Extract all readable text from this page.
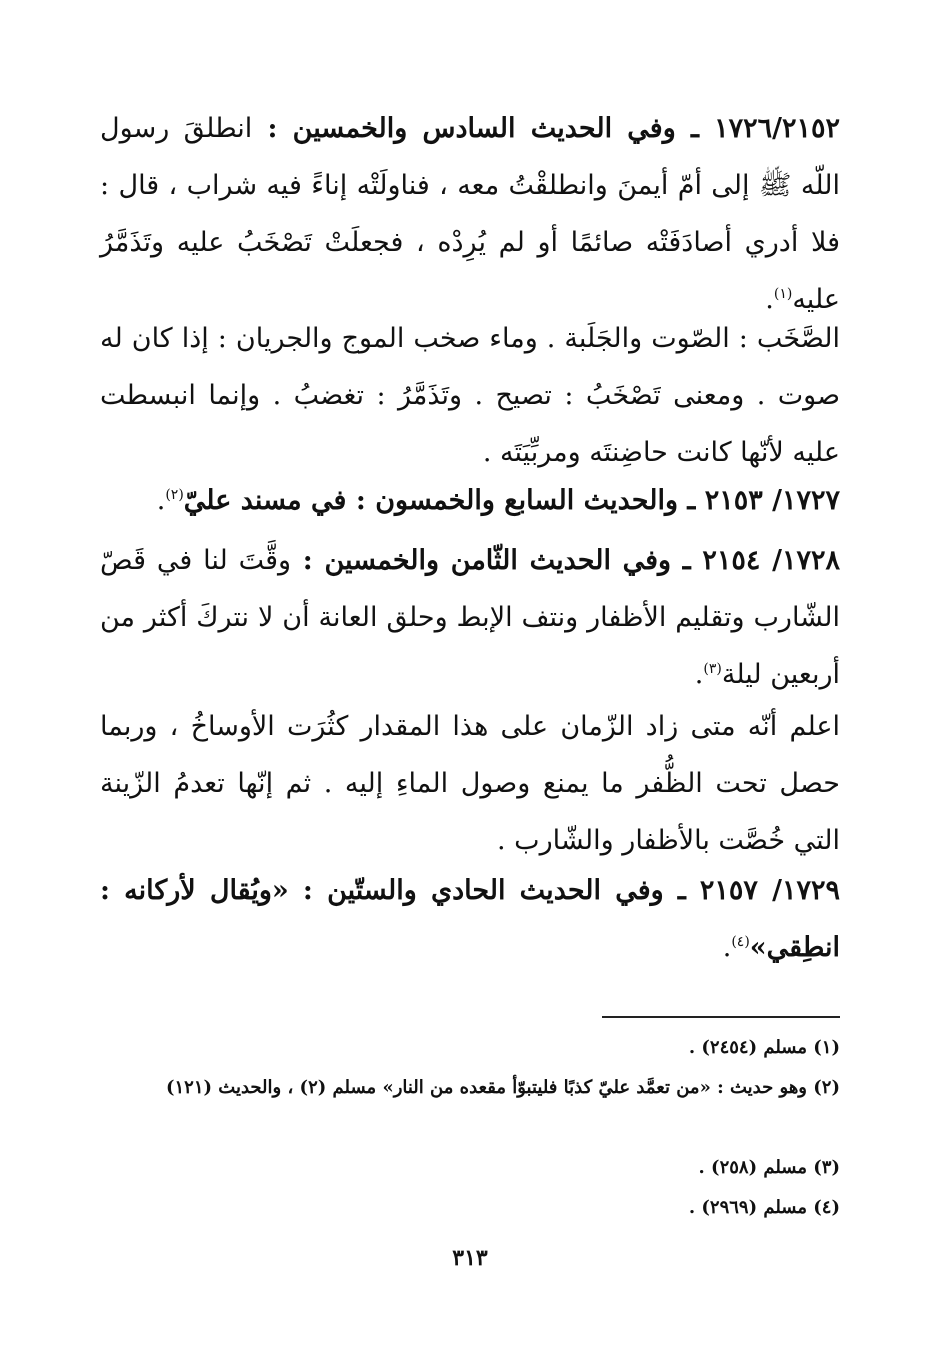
١٧٢٦/٢١٥٢ ـ وفي الحديث السادس والخمسين : انطلقَ رسول اللّه ﷺ إلى أمّ أيمنَ وانطلقْتُ معه ، فناولَتْه إناءً فيه شراب ، قال : فلا أدري أصادَفَتْه صائمًا أو لم يُرِدْه ، فجعلَتْ تَصْخَبُ عليه وتَذَمَّرُ عليه$^{(١)}$.

الصَّخَب : الصّوت والجَلَبة . وماء صخب الموج والجريان : إذا كان له صوت . ومعنى تَصْخَبُ : تصيح . وتَذَمَّرُ : تغضبُ . وإنما انبسطت عليه لأنّها كانت حاضِنتَه ومربِّيَتَه .

١٧٢٧/ ٢١٥٣ ـ والحديث السابع والخمسون : في مسند عليّ$^{(٢)}$.

١٧٢٨/ ٢١٥٤ ـ وفي الحديث الثّامن والخمسين : وقَّتَ لنا في قَصّ الشّارب وتقليم الأظفار ونتف الإبط وحلق العانة أن لا نتركَ أكثر من أربعين ليلة$^{(٣)}$.

اعلم أنّه متى زاد الزّمان على هذا المقدار كثُرَت الأوساخُ ، وربما حصل تحت الظُّفر ما يمنع وصول الماءِ إليه . ثم إنّها تعدمُ الزّينة التي خُصَّت بالأظفار والشّارب .

١٧٢٩/ ٢١٥٧ ـ وفي الحديث الحادي والستّين : «ويُقال لأركانه : انطِقي»$^{(٤)}$.

(١) مسلم (٢٤٥٤) .

(٢) وهو حديث : «من تعمَّد عليّ كذبًا فليتبوّأ مقعده من النار» مسلم (٢) ، والحديث (١٢١)

(٣) مسلم (٢٥٨) .

(٤) مسلم (٢٩٦٩) .

٣١٣
